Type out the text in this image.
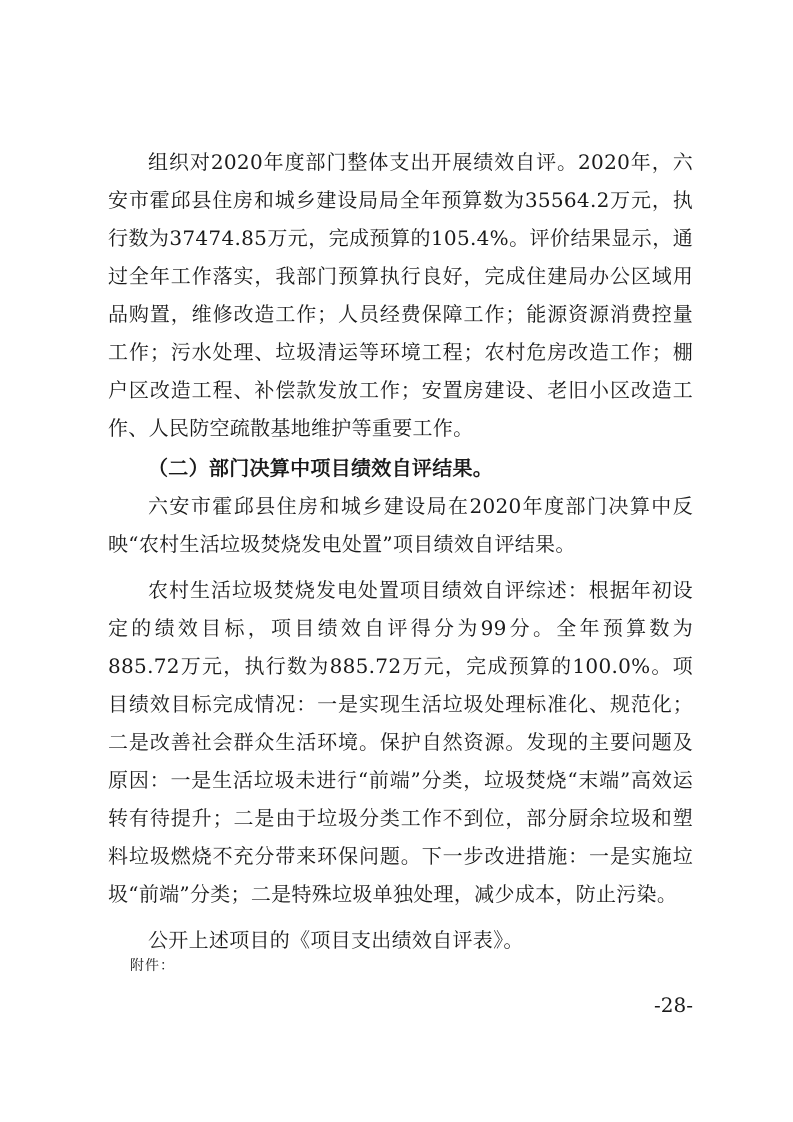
组织对2020年度部门整体支出开展绩效自评。2020年，六安市霍邱县住房和城乡建设局局全年预算数为35564.2万元，执行数为37474.85万元，完成预算的105.4%。评价结果显示，通过全年工作落实，我部门预算执行良好，完成住建局办公区域用品购置，维修改造工作；人员经费保障工作；能源资源消费控量工作；污水处理、垃圾清运等环境工程；农村危房改造工作；棚户区改造工程、补偿款发放工作；安置房建设、老旧小区改造工作、人民防空疏散基地维护等重要工作。

（二）部门决算中项目绩效自评结果。

六安市霍邱县住房和城乡建设局在2020年度部门决算中反映“农村生活垃圾焚烧发电处置”项目绩效自评结果。

农村生活垃圾焚烧发电处置项目绩效自评综述：根据年初设定的绩效目标，项目绩效自评得分为99分。全年预算数为885.72万元，执行数为885.72万元，完成预算的100.0%。项目绩效目标完成情况：一是实现生活垃圾处理标准化、规范化；二是改善社会群众生活环境。保护自然资源。发现的主要问题及原因：一是生活垃圾未进行“前端”分类，垃圾焚烧“末端”高效运转有待提升；二是由于垃圾分类工作不到位，部分厨余垃圾和塑料垃圾燃烧不充分带来环保问题。下一步改进措施：一是实施垃圾“前端”分类；二是特殊垃圾单独处理，减少成本，防止污染。

公开上述项目的《项目支出绩效自评表》。

附件：
-28-
